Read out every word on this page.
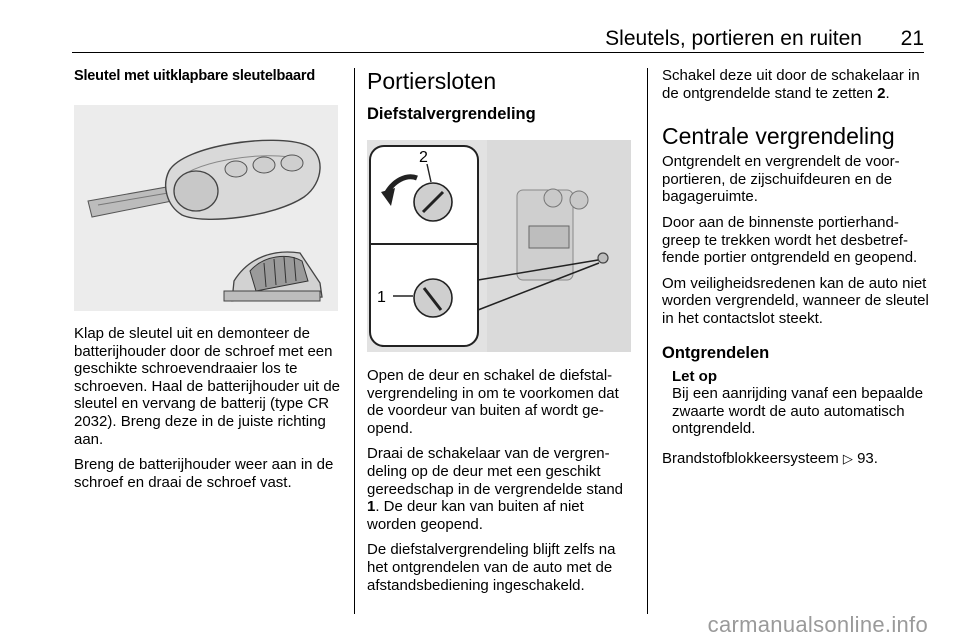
Sleutels, portieren en ruiten 21
Sleutel met uitklapbare sleutelbaard

Klap de sleutel uit en demonteer de batterijhouder door de schroef met een geschikte schroevendraaier los te schroeven. Haal de batterijhouder uit de sleutel en vervang de batterij (type CR 2032). Breng deze in de juiste richting aan.

Breng de batterijhouder weer aan in de schroef en draai de schroef vast.

Portiersloten
Diefstalvergrendeling
2
1

Open de deur en schakel de diefstalvergrendeling in om te voorkomen dat de voordeur van buiten af wordt geopend.

Draai de schakelaar van de vergrendeling op de deur met een geschikt gereedschap in de vergrendelde stand 1. De deur kan van buiten af niet worden geopend.

De diefstalvergrendeling blijft zelfs na het ontgrendelen van de auto met de afstandsbediening ingeschakeld.

Schakel deze uit door de schakelaar in de ontgrendelde stand te zetten 2.

Centrale vergrendeling

Ontgrendelt en vergrendelt de voorportieren, de zijschuifdeuren en de bagageruimte.

Door aan de binnenste portierhandgreep te trekken wordt het desbetreffende portier ontgrendeld en geopend.

Om veiligheidsredenen kan de auto niet worden vergrendeld, wanneer de sleutel in het contactslot steekt.

Ontgrendelen
Let op

Bij een aanrijding vanaf een bepaalde zwaarte wordt de auto automatisch ontgrendeld.

Brandstofblokkeersysteem ▷ 93.

carmanualsonline.info
